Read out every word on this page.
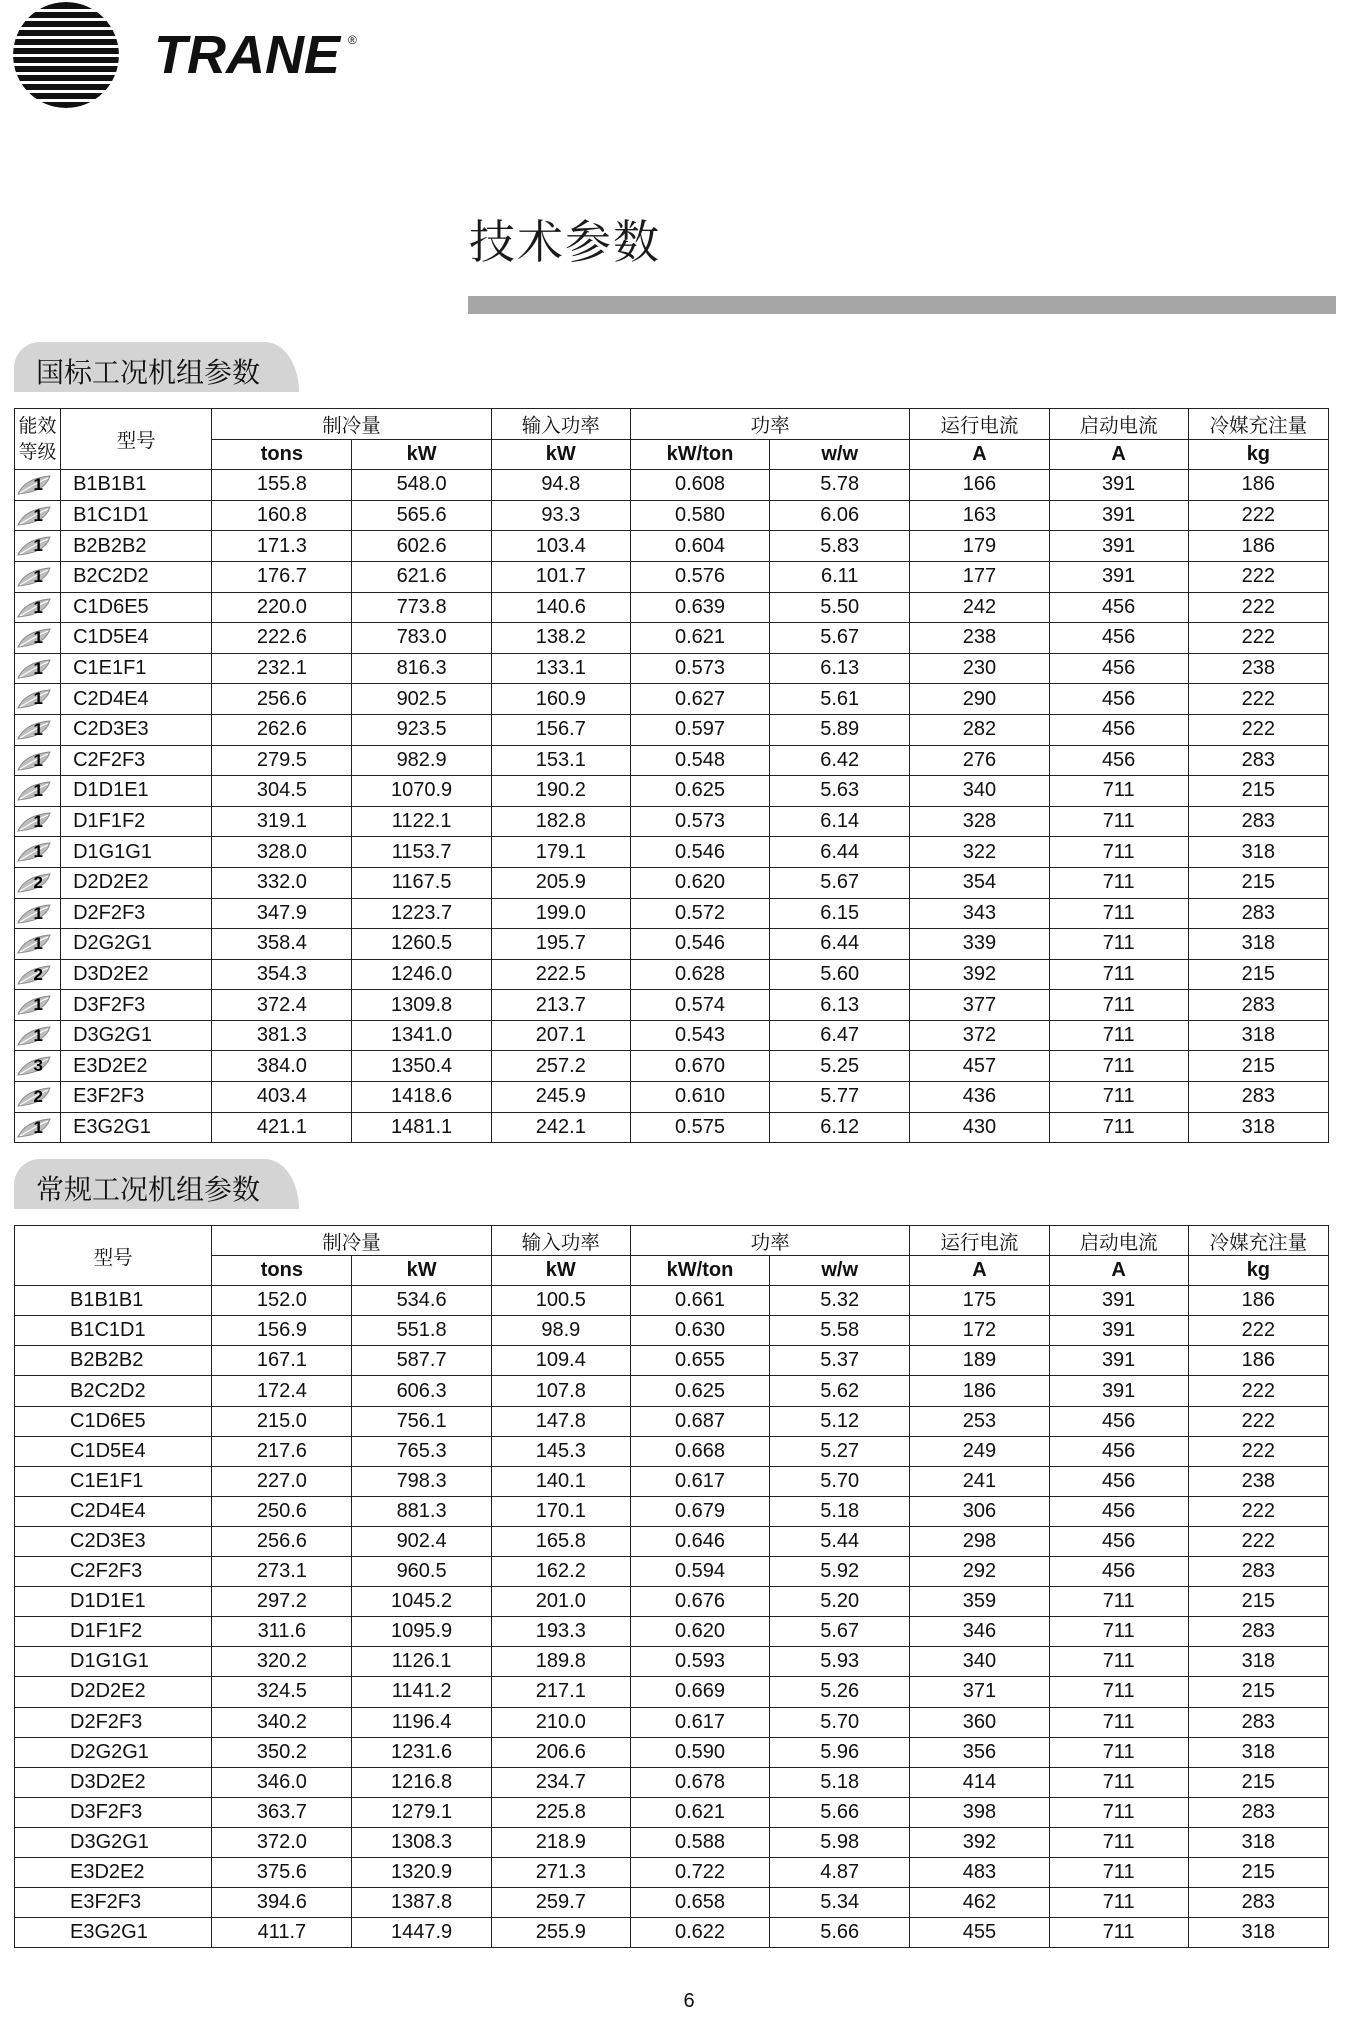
TRANE ®
技术参数
国标工况机组参数
能效等级	型号	制冷量		输入功率	功率		运行电流	启动电流	冷媒充注量
		tons	kW	kW	kW/ton	w/w	A	A	kg

1	B1B1B1	155.8	548.0	94.8	0.608	5.78	166	391	186

1	B1C1D1	160.8	565.6	93.3	0.580	6.06	163	391	222

1	B2B2B2	171.3	602.6	103.4	0.604	5.83	179	391	186

1	B2C2D2	176.7	621.6	101.7	0.576	6.11	177	391	222

1	C1D6E5	220.0	773.8	140.6	0.639	5.50	242	456	222

1	C1D5E4	222.6	783.0	138.2	0.621	5.67	238	456	222

1	C1E1F1	232.1	816.3	133.1	0.573	6.13	230	456	238

1	C2D4E4	256.6	902.5	160.9	0.627	5.61	290	456	222

1	C2D3E3	262.6	923.5	156.7	0.597	5.89	282	456	222

1	C2F2F3	279.5	982.9	153.1	0.548	6.42	276	456	283

1	D1D1E1	304.5	1070.9	190.2	0.625	5.63	340	711	215

1	D1F1F2	319.1	1122.1	182.8	0.573	6.14	328	711	283

1	D1G1G1	328.0	1153.7	179.1	0.546	6.44	322	711	318

2	D2D2E2	332.0	1167.5	205.9	0.620	5.67	354	711	215

1	D2F2F3	347.9	1223.7	199.0	0.572	6.15	343	711	283

1	D2G2G1	358.4	1260.5	195.7	0.546	6.44	339	711	318

2	D3D2E2	354.3	1246.0	222.5	0.628	5.60	392	711	215

1	D3F2F3	372.4	1309.8	213.7	0.574	6.13	377	711	283

1	D3G2G1	381.3	1341.0	207.1	0.543	6.47	372	711	318

3	E3D2E2	384.0	1350.4	257.2	0.670	5.25	457	711	215

2	E3F2F3	403.4	1418.6	245.9	0.610	5.77	436	711	283

1	E3G2G1	421.1	1481.1	242.1	0.575	6.12	430	711	318
常规工况机组参数
型号	制冷量		输入功率	功率		运行电流	启动电流	冷媒充注量
	tons	kW	kW	kW/ton	w/w	A	A	kg
B1B1B1	152.0	534.6	100.5	0.661	5.32	175	391	186
B1C1D1	156.9	551.8	98.9	0.630	5.58	172	391	222
B2B2B2	167.1	587.7	109.4	0.655	5.37	189	391	186
B2C2D2	172.4	606.3	107.8	0.625	5.62	186	391	222
C1D6E5	215.0	756.1	147.8	0.687	5.12	253	456	222
C1D5E4	217.6	765.3	145.3	0.668	5.27	249	456	222
C1E1F1	227.0	798.3	140.1	0.617	5.70	241	456	238
C2D4E4	250.6	881.3	170.1	0.679	5.18	306	456	222
C2D3E3	256.6	902.4	165.8	0.646	5.44	298	456	222
C2F2F3	273.1	960.5	162.2	0.594	5.92	292	456	283
D1D1E1	297.2	1045.2	201.0	0.676	5.20	359	711	215
D1F1F2	311.6	1095.9	193.3	0.620	5.67	346	711	283
D1G1G1	320.2	1126.1	189.8	0.593	5.93	340	711	318
D2D2E2	324.5	1141.2	217.1	0.669	5.26	371	711	215
D2F2F3	340.2	1196.4	210.0	0.617	5.70	360	711	283
D2G2G1	350.2	1231.6	206.6	0.590	5.96	356	711	318
D3D2E2	346.0	1216.8	234.7	0.678	5.18	414	711	215
D3F2F3	363.7	1279.1	225.8	0.621	5.66	398	711	283
D3G2G1	372.0	1308.3	218.9	0.588	5.98	392	711	318
E3D2E2	375.6	1320.9	271.3	0.722	4.87	483	711	215
E3F2F3	394.6	1387.8	259.7	0.658	5.34	462	711	283
E3G2G1	411.7	1447.9	255.9	0.622	5.66	455	711	318
6
